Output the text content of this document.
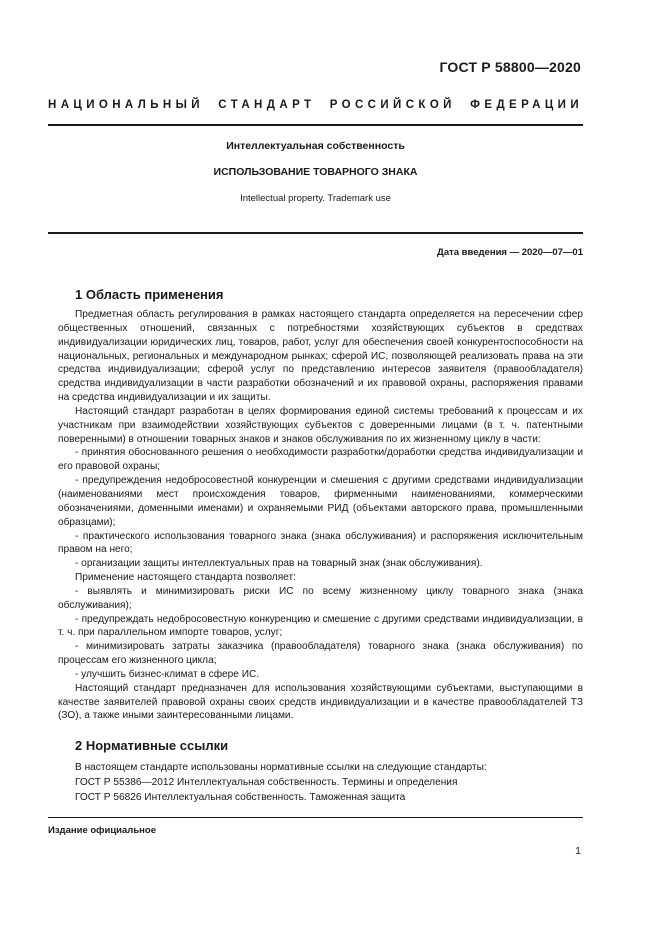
ГОСТ Р 58800—2020
НАЦИОНАЛЬНЫЙ СТАНДАРТ РОССИЙСКОЙ ФЕДЕРАЦИИ
Интеллектуальная собственность
ИСПОЛЬЗОВАНИЕ ТОВАРНОГО ЗНАКА
Intellectual property. Trademark use
Дата введения — 2020—07—01
1 Область применения

Предметная область регулирования в рамках настоящего стандарта определяется на пересечении сфер общественных отношений, связанных с потребностями хозяйствующих субъектов в средствах индивидуализации юридических лиц, товаров, работ, услуг для обеспечения своей конкурентоспособности на национальных, региональных и международном рынках; сферой ИС, позволяющей реализовать права на эти средства индивидуализации; сферой услуг по представлению интересов заявителя (правообладателя) средства индивидуализации в части разработки обозначений и их правовой охраны, распоряжения правами на средства индивидуализации и их защиты.

Настоящий стандарт разработан в целях формирования единой системы требований к процессам и их участникам при взаимодействии хозяйствующих субъектов с доверенными лицами (в т. ч. патентными поверенными) в отношении товарных знаков и знаков обслуживания по их жизненному циклу в части:

- принятия обоснованного решения о необходимости разработки/доработки средства индивидуализации и его правовой охраны;

- предупреждения недобросовестной конкуренции и смешения с другими средствами индивидуализации (наименованиями мест происхождения товаров, фирменными наименованиями, коммерческими обозначениями, доменными именами) и охраняемыми РИД (объектами авторского права, промышленными образцами);

- практического использования товарного знака (знака обслуживания) и распоряжения исключительным правом на него;

- организации защиты интеллектуальных прав на товарный знак (знак обслуживания).

Применение настоящего стандарта позволяет:

- выявлять и минимизировать риски ИС по всему жизненному циклу товарного знака (знака обслуживания);

- предупреждать недобросовестную конкуренцию и смешение с другими средствами индивидуализации, в т. ч. при параллельном импорте товаров, услуг;

- минимизировать затраты заказчика (правообладателя) товарного знака (знака обслуживания) по процессам его жизненного цикла;

- улучшить бизнес-климат в сфере ИС.

Настоящий стандарт предназначен для использования хозяйствующими субъектами, выступающими в качестве заявителей правовой охраны своих средств индивидуализации и в качестве правообладателей ТЗ (ЗО), а также иными заинтересованными лицами.

2 Нормативные ссылки

В настоящем стандарте использованы нормативные ссылки на следующие стандарты:

ГОСТ Р 55386—2012 Интеллектуальная собственность. Термины и определения

ГОСТ Р 56826 Интеллектуальная собственность. Таможенная защита

Издание официальное
1
